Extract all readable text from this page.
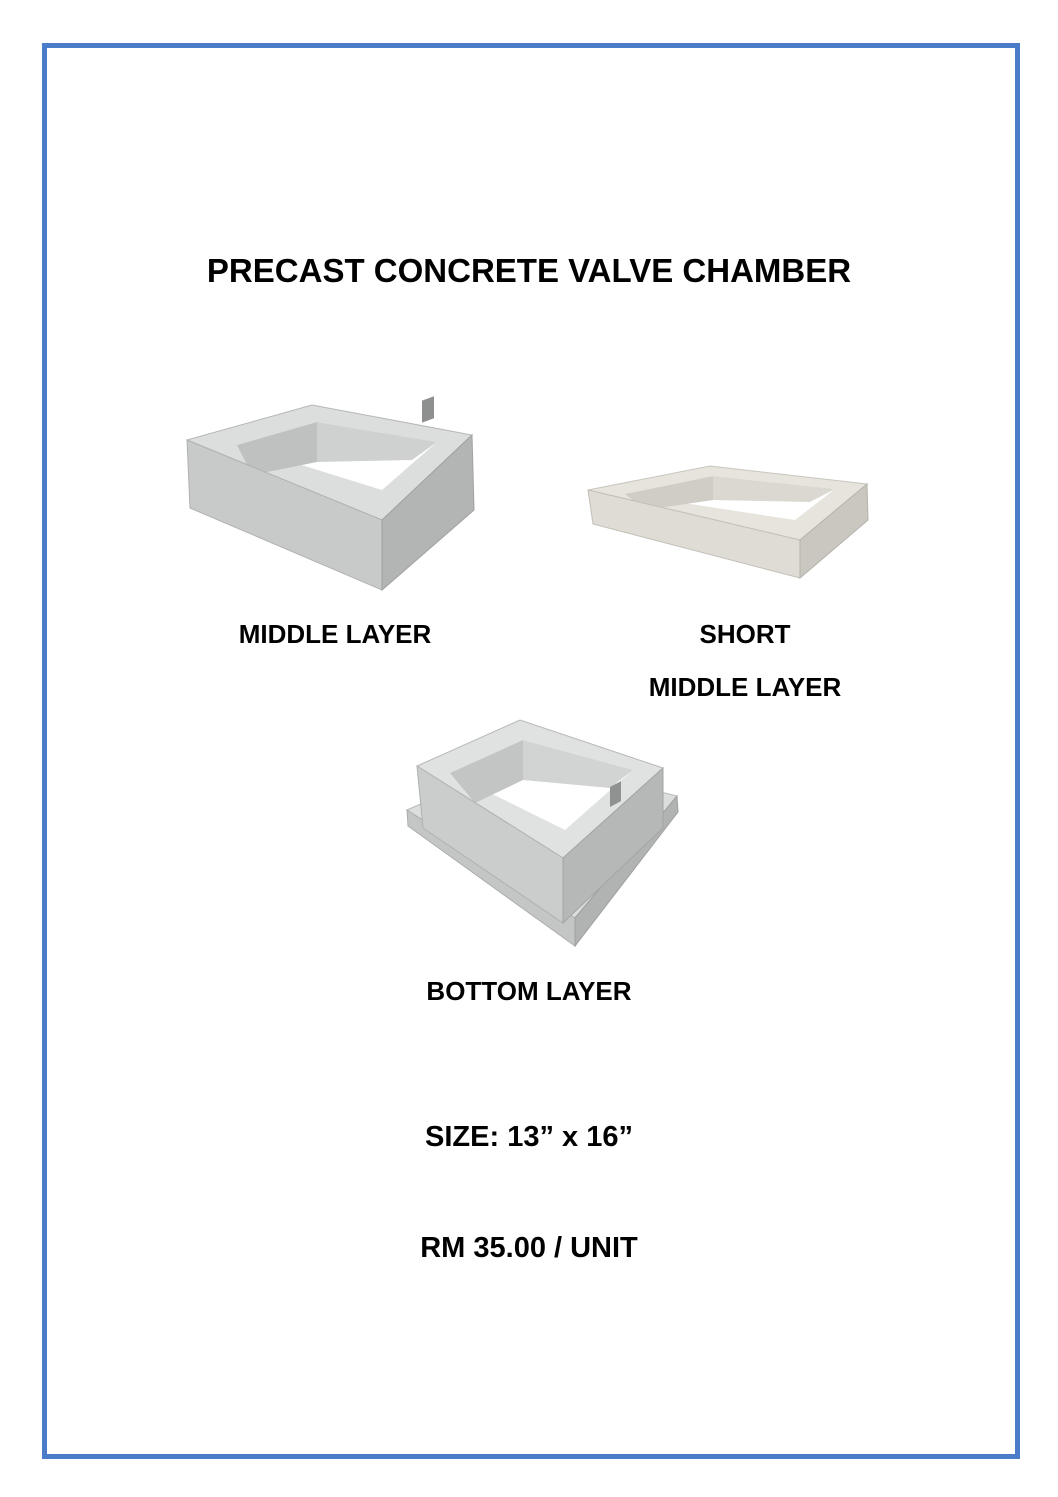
PRECAST CONCRETE VALVE CHAMBER
MIDDLE LAYER	SHORT
MIDDLE LAYER
BOTTOM LAYER
SIZE: 13” x 16”
RM 35.00 / UNIT
